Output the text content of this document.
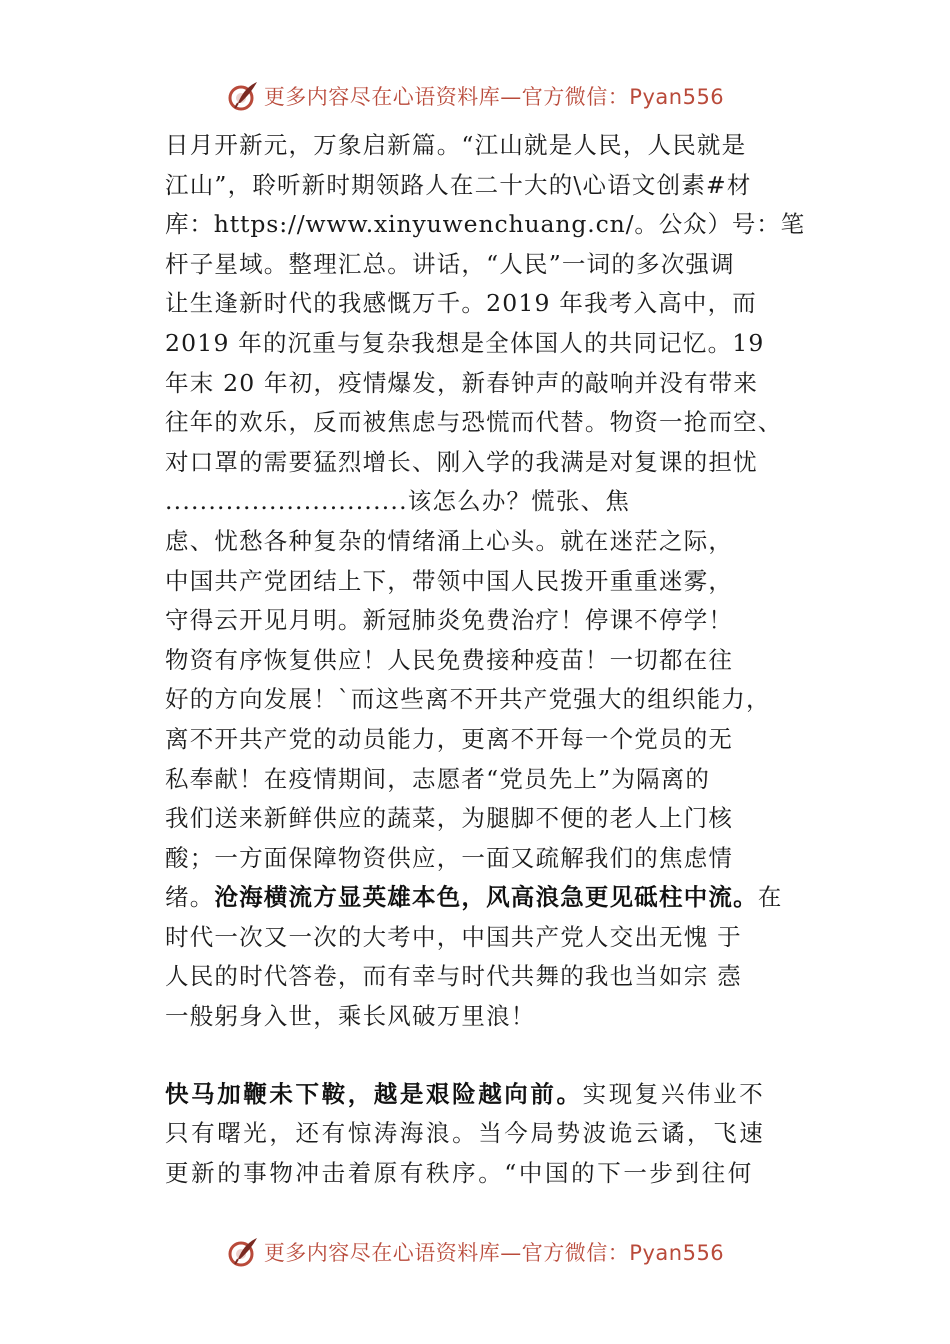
更多内容尽在心语资料库—官方微信：Pyan556
日月开新元，万象启新篇。“江山就是人民，人民就是
江山”，聆听新时期领路人在二十大的\心语文创素#材
库：https://www.xinyuwenchuang.cn/。公众）号：笔
杆子星域。整理汇总。讲话，“人民”一词的多次强调
让生逢新时代的我感慨万千。2019 年我考入高中，而
2019 年的沉重与复杂我想是全体国人的共同记忆。19
年末 20 年初，疫情爆发，新春钟声的敲响并没有带来
往年的欢乐，反而被焦虑与恐慌而代替。物资一抢而空、
对口罩的需要猛烈增长、刚入学的我满是对复课的担忧
............................该怎么办？慌张、焦
虑、忧愁各种复杂的情绪涌上心头。就在迷茫之际，
中国共产党团结上下，带领中国人民拨开重重迷雾，
守得云开见月明。新冠肺炎免费治疗！停课不停学！
物资有序恢复供应！人民免费接种疫苗！一切都在往
好的方向发展！`而这些离不开共产党强大的组织能力，
离不开共产党的动员能力，更离不开每一个党员的无
私奉献！在疫情期间，志愿者“党员先上”为隔离的
我们送来新鲜供应的蔬菜，为腿脚不便的老人上门核
酸；一方面保障物资供应，一面又疏解我们的焦虑情
绪。沧海横流方显英雄本色，风高浪急更见砥柱中流。在
时代一次又一次的大考中，中国共产党人交出无愧 于
人民的时代答卷，而有幸与时代共舞的我也当如宗 悫
一般躬身入世，乘长风破万里浪！
快马加鞭未下鞍，越是艰险越向前。实现复兴伟业不
只有曙光，还有惊涛海浪。当今局势波诡云谲，飞速
更新的事物冲击着原有秩序。“中国的下一步到往何
更多内容尽在心语资料库—官方微信：Pyan556
